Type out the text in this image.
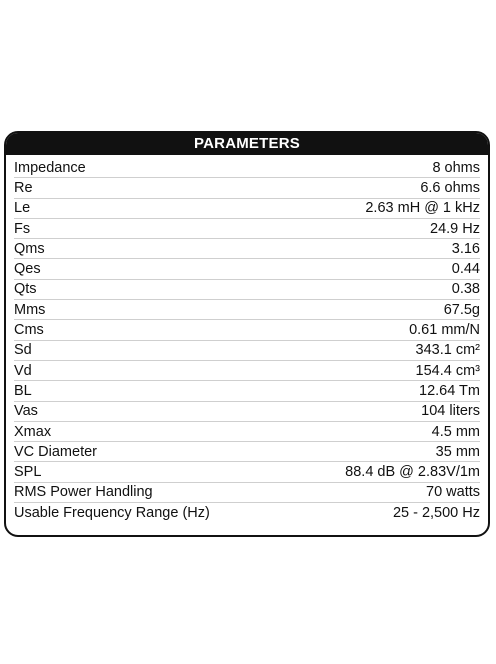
PARAMETERS
Impedance	8 ohms
Re	6.6 ohms
Le	2.63 mH @ 1 kHz
Fs	24.9 Hz
Qms	3.16
Qes	0.44
Qts	0.38
Mms	67.5g
Cms	0.61 mm/N
Sd	343.1 cm²
Vd	154.4 cm³
BL	12.64 Tm
Vas	104 liters
Xmax	4.5 mm
VC Diameter	35 mm
SPL	88.4 dB @ 2.83V/1m
RMS Power Handling	70 watts
Usable Frequency Range (Hz)	25 - 2,500 Hz
